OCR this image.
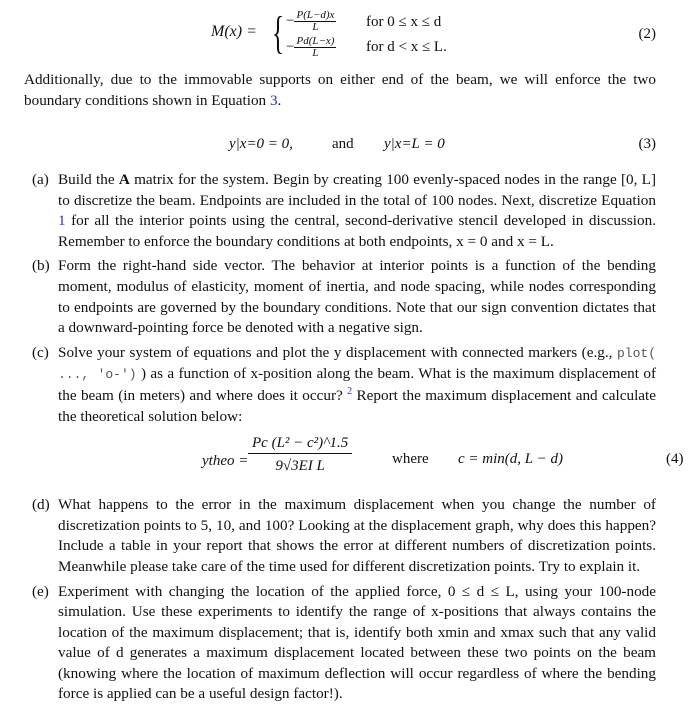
M(x) = { − $\frac{P(L-d)x}{L}$
− $\frac{Pd(L-x)}{L}$
for 0 ≤ x ≤ d
for d < x ≤ L.
(2)
Additionally, due to the immovable supports on either end of the beam, we will enforce the two boundary conditions shown in Equation 3.
y|x=0 = 0,	and y|x=L = 0	(3)
(a) Build the A matrix for the system. Begin by creating 100 evenly-spaced nodes in the range [0, L] to discretize the beam. Endpoints are included in the total of 100 nodes. Next, discretize Equation 1 for all the interior points using the central, second-derivative stencil developed in discussion. Remember to enforce the boundary conditions at both endpoints, x = 0 and x = L.
(b) Form the right-hand side vector. The behavior at interior points is a function of the bending moment, modulus of elasticity, moment of inertia, and node spacing, while nodes corresponding to endpoints are governed by the boundary conditions. Note that our sign convention dictates that a downward-pointing force be denoted with a negative sign.
(c) Solve your system of equations and plot the y displacement with connected markers (e.g., plot( ..., 'o-') ) as a function of x-position along the beam. What is the maximum displacement of the beam (in meters) and where does it occur? $^2$ Report the maximum displacement and calculate the theoretical solution below:
ytheo = $\frac{\text{Pc (L² − c²)\textasciicircum{}1.5}}{\text{9√3EI L}}$	where c = min(d, L − d)	(4)
(d) What happens to the error in the maximum displacement when you change the number of discretization points to 5, 10, and 100? Looking at the displacement graph, why does this happen? Include a table in your report that shows the error at different numbers of discretization points. Meanwhile please take care of the time used for different discretization points. Try to explain it.
(e) Experiment with changing the location of the applied force, 0 ≤ d ≤ L, using your 100-node simulation. Use these experiments to identify the range of x-positions that always contains the location of the maximum displacement; that is, identify both xmin and xmax such that any valid value of d generates a maximum displacement located between these two points on the beam (knowing where the location of maximum deflection will occur regardless of where the bending force is applied can be a useful design factor!).
